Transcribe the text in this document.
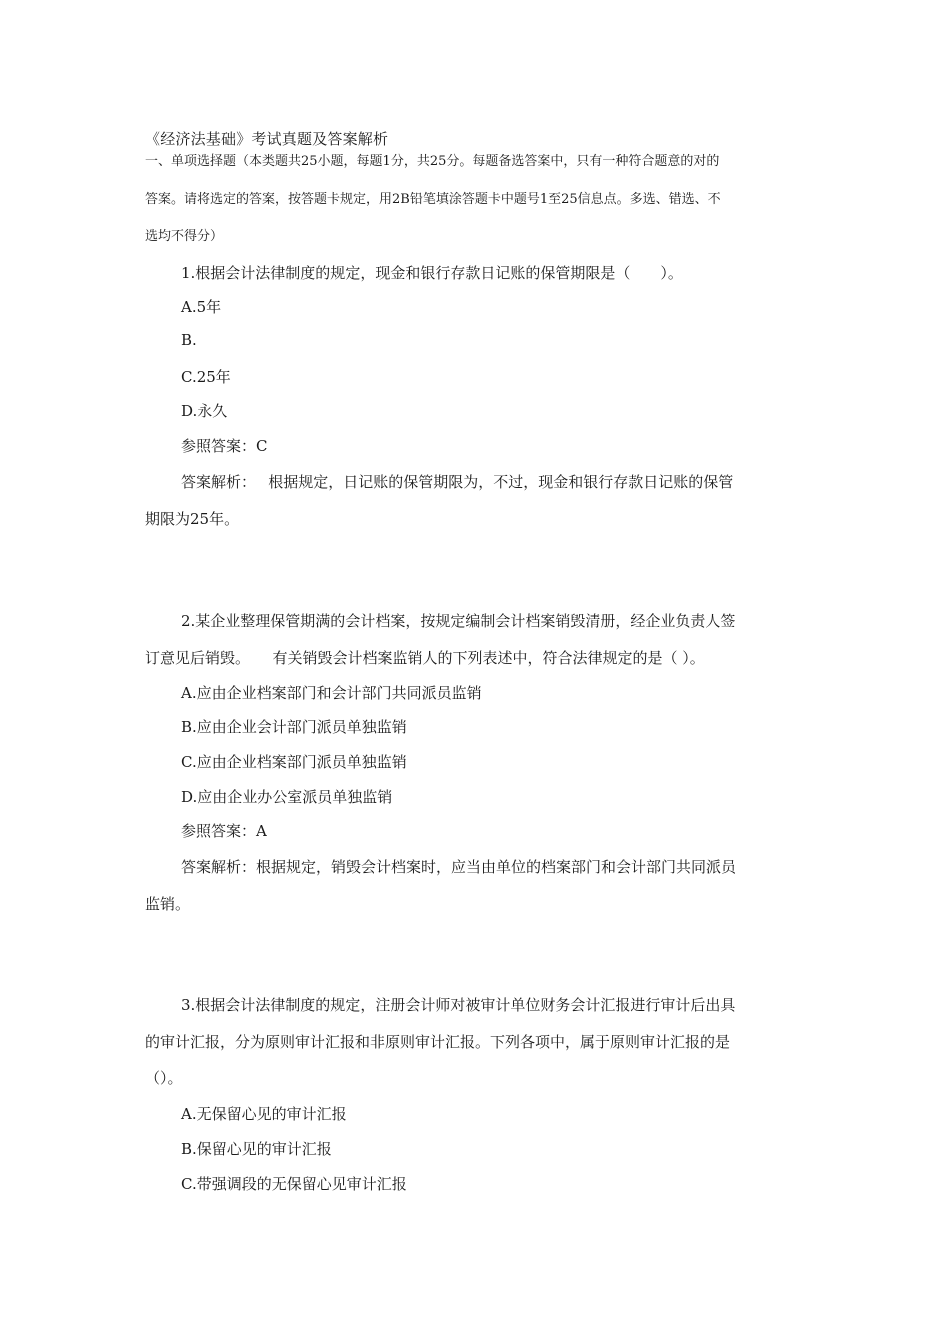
《经济法基础》考试真题及答案解析
一、单项选择题（本类题共25小题，每题1分，共25分。每题备选答案中，只有一种符合题意的对的
答案。请将选定的答案，按答题卡规定，用2B铅笔填涂答题卡中题号1至25信息点。多选、错选、不
选均不得分）
1.根据会计法律制度的规定，现金和银行存款日记账的保管期限是（　　）。
A.5年
B.
C.25年
D.永久
参照答案：C
答案解析：　 根据规定，日记账的保管期限为，不过，现金和银行存款日记账的保管
期限为25年。
2.某企业整理保管期满的会计档案，按规定编制会计档案销毁清册，经企业负责人签
订意见后销毁。　　有关销毁会计档案监销人的下列表述中，符合法律规定的是（ ）。
A.应由企业档案部门和会计部门共同派员监销
B.应由企业会计部门派员单独监销
C.应由企业档案部门派员单独监销
D.应由企业办公室派员单独监销
参照答案：A
答案解析：根据规定，销毁会计档案时，应当由单位的档案部门和会计部门共同派员
监销。
3.根据会计法律制度的规定，注册会计师对被审计单位财务会计汇报进行审计后出具
的审计汇报，分为原则审计汇报和非原则审计汇报。下列各项中，属于原则审计汇报的是
（）。
A.无保留心见的审计汇报
B.保留心见的审计汇报
C.带强调段的无保留心见审计汇报
